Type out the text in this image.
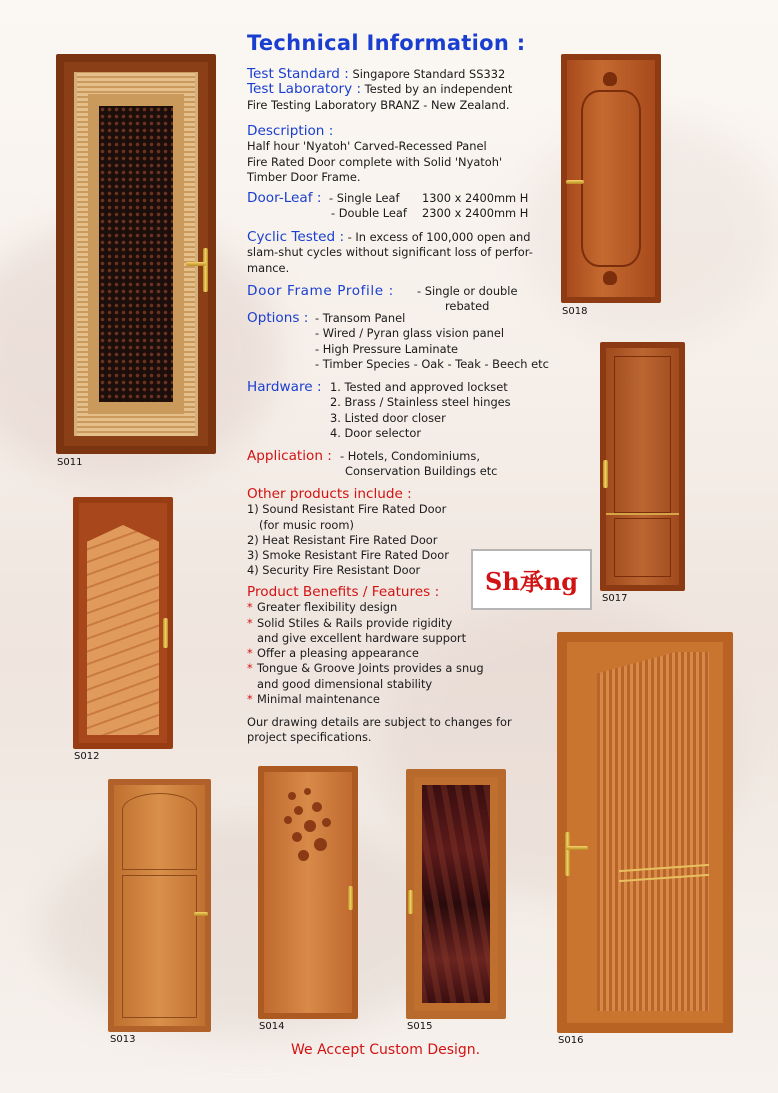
Technical Information :
Test Standard : Singapore Standard SS332
Test Laboratory : Tested by an independent
Fire Testing Laboratory BRANZ - New Zealand.
Description :
Half hour 'Nyatoh' Carved-Recessed Panel
Fire Rated Door complete with Solid 'Nyatoh'
Timber Door Frame.
Door-Leaf : - Single Leaf	1300 x 2400mm H
- Double Leaf	2300 x 2400mm H
Cyclic Tested : - In excess of 100,000 open and
slam-shut cycles without significant loss of perfor-
mance.
Door Frame Profile :	- Single or double
rebated
Options : - Transom Panel
- Wired / Pyran glass vision panel
- High Pressure Laminate
- Timber Species - Oak - Teak - Beech etc
Hardware : 1. Tested and approved lockset
2. Brass / Stainless steel hinges
3. Listed door closer
4. Door selector
Application : - Hotels, Condominiums,
Conservation Buildings etc
Other products include :
1) Sound Resistant Fire Rated Door
(for music room)
2) Heat Resistant Fire Rated Door
3) Smoke Resistant Fire Rated Door
4) Security Fire Resistant Door	Sh承ng
Product Benefits / Features :
* Greater flexibility design
* Solid Stiles & Rails provide rigidity
and give excellent hardware support
* Offer a pleasing appearance
* Tongue & Groove Joints provides a snug
and good dimensional stability
* Minimal maintenance
Our drawing details are subject to changes for
project specifications.
S011
S018
S017
S012
S016
S013
S014	S015

We Accept Custom Design.
